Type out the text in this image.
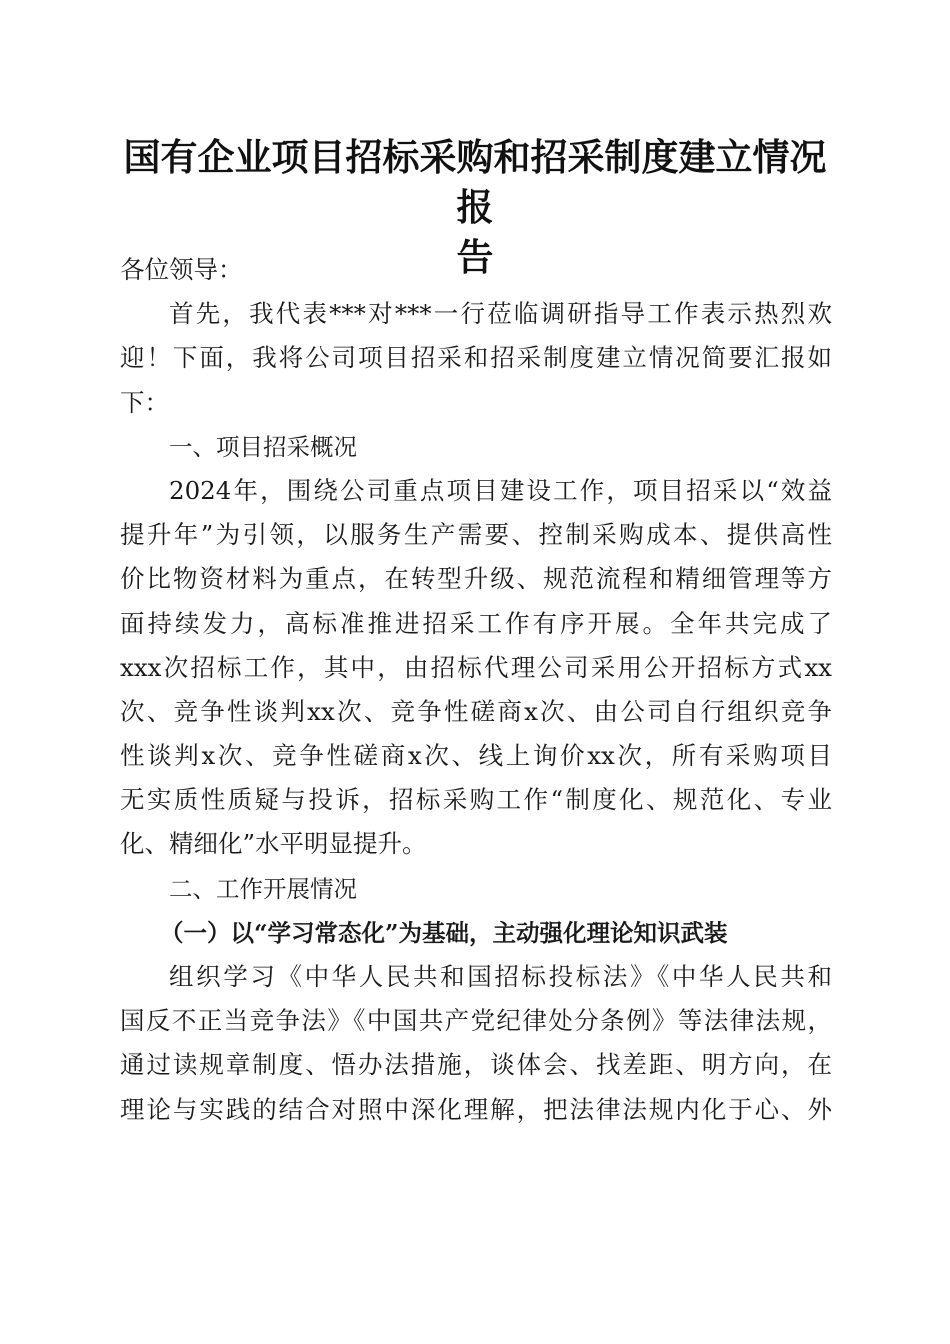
国有企业项目招标采购和招采制度建立情况报
告
各位领导：
首先，我代表***对***一行莅临调研指导工作表示热烈欢
迎！下面，我将公司项目招采和招采制度建立情况简要汇报如
下：
一、项目招采概况
2024年，围绕公司重点项目建设工作，项目招采以“效益
提升年”为引领，以服务生产需要、控制采购成本、提供高性
价比物资材料为重点，在转型升级、规范流程和精细管理等方
面持续发力，高标准推进招采工作有序开展。全年共完成了
xxx次招标工作，其中，由招标代理公司采用公开招标方式xx
次、竞争性谈判xx次、竞争性磋商x次、由公司自行组织竞争
性谈判x次、竞争性磋商x次、线上询价xx次，所有采购项目
无实质性质疑与投诉，招标采购工作“制度化、规范化、专业
化、精细化”水平明显提升。
二、工作开展情况
（一）以“学习常态化”为基础，主动强化理论知识武装
组织学习《中华人民共和国招标投标法》《中华人民共和
国反不正当竞争法》《中国共产党纪律处分条例》等法律法规，
通过读规章制度、悟办法措施，谈体会、找差距、明方向，在
理论与实践的结合对照中深化理解，把法律法规内化于心、外
